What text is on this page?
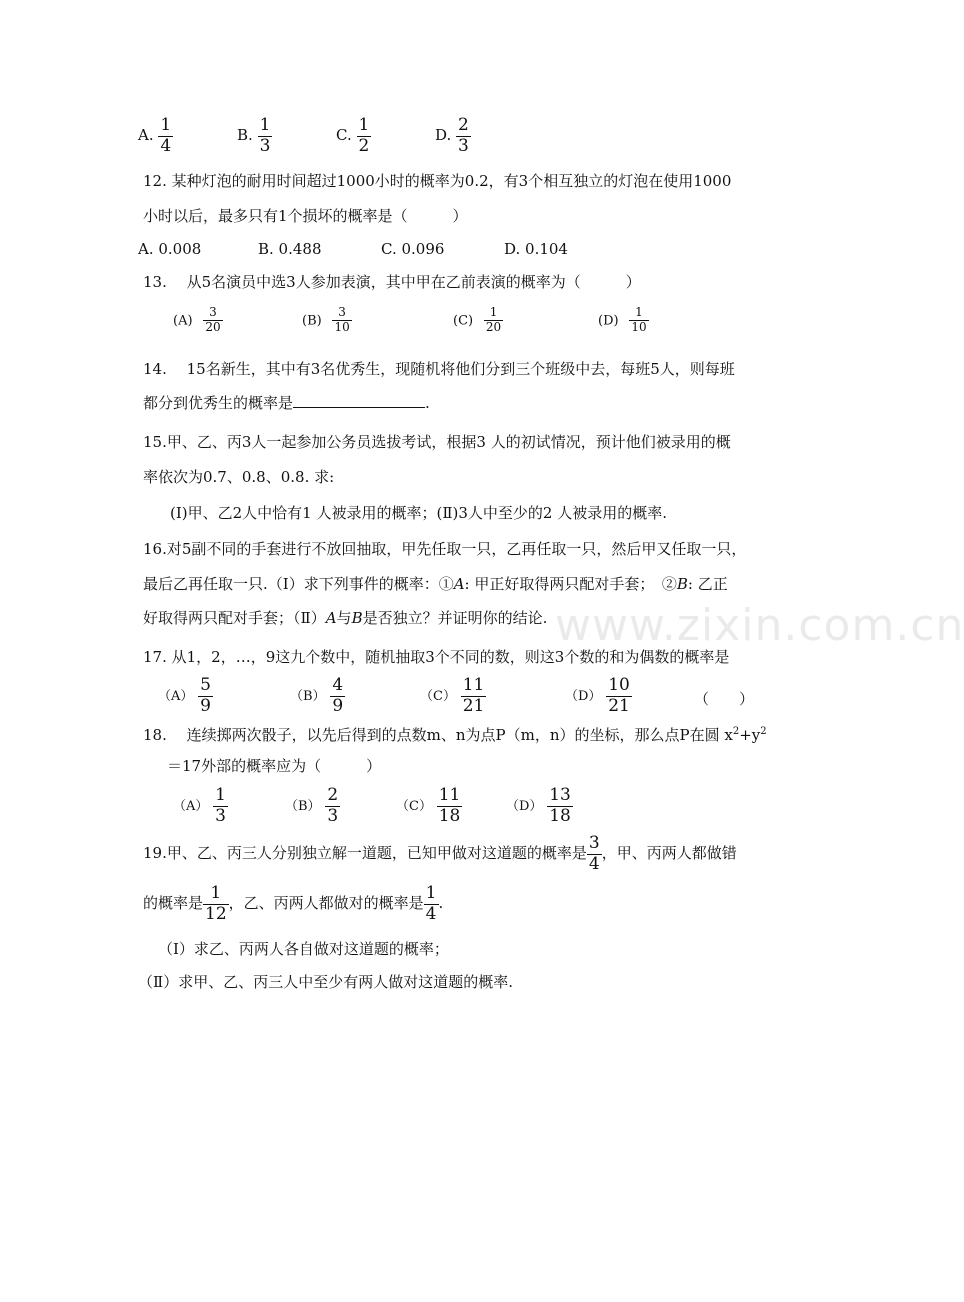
www.zixin.com.cn
A. $\frac{1}{4}$	B. $\frac{1}{3}$	C. $\frac{1}{2}$	D. $\frac{2}{3}$
12. 某种灯泡的耐用时间超过1000小时的概率为0.2，有3个相互独立的灯泡在使用1000
小时以后，最多只有1个损坏的概率是（　　　）
A. 0.008	B. 0.488	C. 0.096	D. 0.104
13.　 从5名演员中选3人参加表演，其中甲在乙前表演的概率为（　　　）
$(A) \frac{3}{20}$	$(B) \frac{3}{10}$	$(C) \frac{1}{20}$	$(D) \frac{1}{10}$
14.　 15名新生，其中有3名优秀生，现随机将他们分到三个班级中去，每班5人，则每班
都分到优秀生的概率是	.
15.甲、乙、丙3人一起参加公务员选拔考试，根据3 人的初试情况，预计他们被录用的概
率依次为0.7、0.8、0.8. 求:
(Ⅰ)甲、乙2人中恰有1 人被录用的概率；(Ⅱ)3人中至少的2 人被录用的概率.
16.对5副不同的手套进行不放回抽取，甲先任取一只，乙再任取一只，然后甲又任取一只，
最后乙再任取一只.（Ⅰ）求下列事件的概率：①A: 甲正好取得两只配对手套；　②B: 乙正
好取得两只配对手套；（Ⅱ）A与B是否独立？并证明你的结论.
17. 从1，2，…，9这九个数中，随机抽取3个不同的数，则这3个数的和为偶数的概率是
$(A) \frac{5}{9}$	$(B) \frac{4}{9}$	$(C) \frac{11}{21}$	$(D) \frac{10}{21}$	（　　）
18.　 连续掷两次骰子，以先后得到的点数m、n为点P（m，n）的坐标，那么点P在圆 $x^2+y^2$
＝17外部的概率应为（　　　）
$(A) \frac{1}{3}$	$(B) \frac{2}{3}$	$(C) \frac{11}{18}$	$(D) \frac{13}{18}$
19.甲、乙、丙三人分别独立解一道题，已知甲做对这道题的概率是 $\frac{3}{4}$ ，甲、丙两人都做错
的概率是 $\frac{1}{12}$ ，乙、丙两人都做对的概率是 $\frac{1}{4}$ .
（Ⅰ）求乙、丙两人各自做对这道题的概率；
（Ⅱ）求甲、乙、丙三人中至少有两人做对这道题的概率.
